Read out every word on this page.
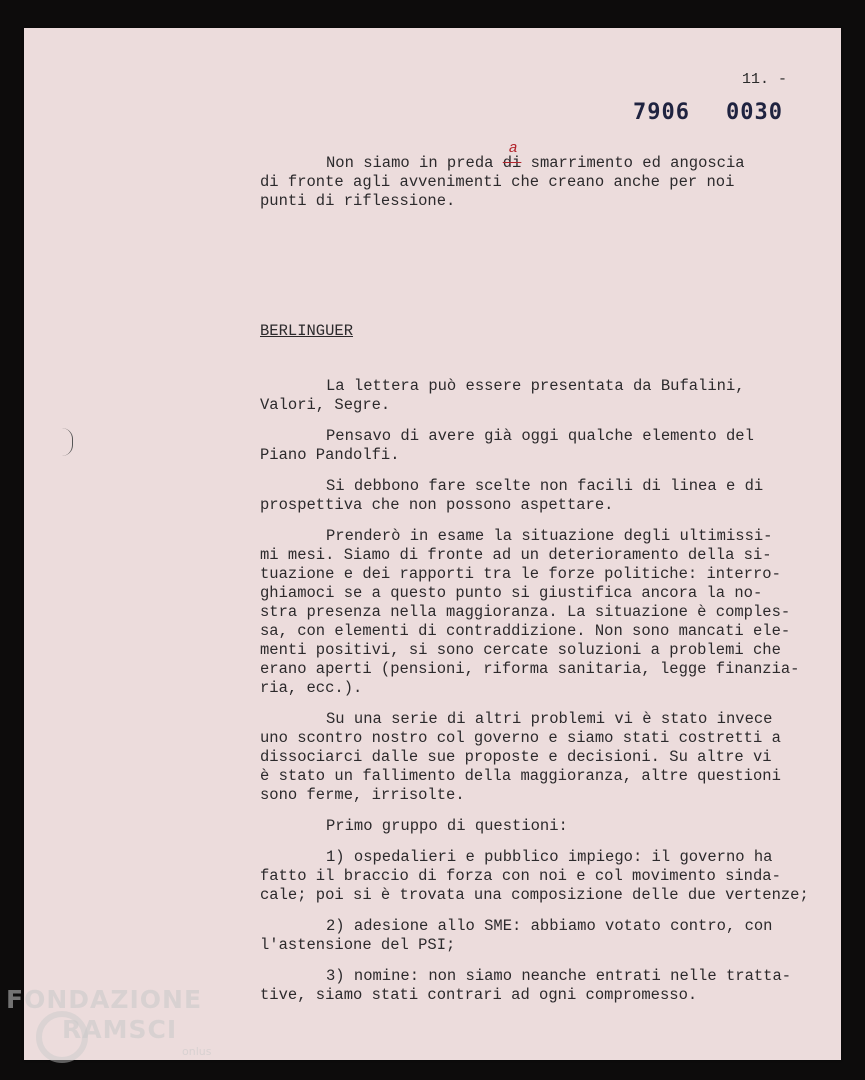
11. -
7906 0030
Non siamo in preda di
a
smarrimento ed angoscia
di fronte agli avvenimenti che creano anche per noi
punti di riflessione.
BERLINGUER
La lettera può essere presentata da Bufalini,
Valori, Segre.
Pensavo di avere già oggi qualche elemento del
Piano Pandolfi.
Si debbono fare scelte non facili di linea e di
prospettiva che non possono aspettare.
Prenderò in esame la situazione degli ultimissi-
mi mesi. Siamo di fronte ad un deterioramento della si-
tuazione e dei rapporti tra le forze politiche: interro-
ghiamoci se a questo punto si giustifica ancora la no-
stra presenza nella maggioranza. La situazione è comples-
sa, con elementi di contraddizione. Non sono mancati ele-
menti positivi, si sono cercate soluzioni a problemi che
erano aperti (pensioni, riforma sanitaria, legge finanzia-
ria, ecc.).
Su una serie di altri problemi vi è stato invece
uno scontro nostro col governo e siamo stati costretti a
dissociarci dalle sue proposte e decisioni. Su altre vi
è stato un fallimento della maggioranza, altre questioni
sono ferme, irrisolte.
Primo gruppo di questioni:
1) ospedalieri e pubblico impiego: il governo ha
fatto il braccio di forza con noi e col movimento sinda-
cale; poi si è trovata una composizione delle due vertenze;
2) adesione allo SME: abbiamo votato contro, con
l'astensione del PSI;
3) nomine: non siamo neanche entrati nelle tratta-
tive, siamo stati contrari ad ogni compromesso.
FONDAZIONE
RAMSCI
onlus
